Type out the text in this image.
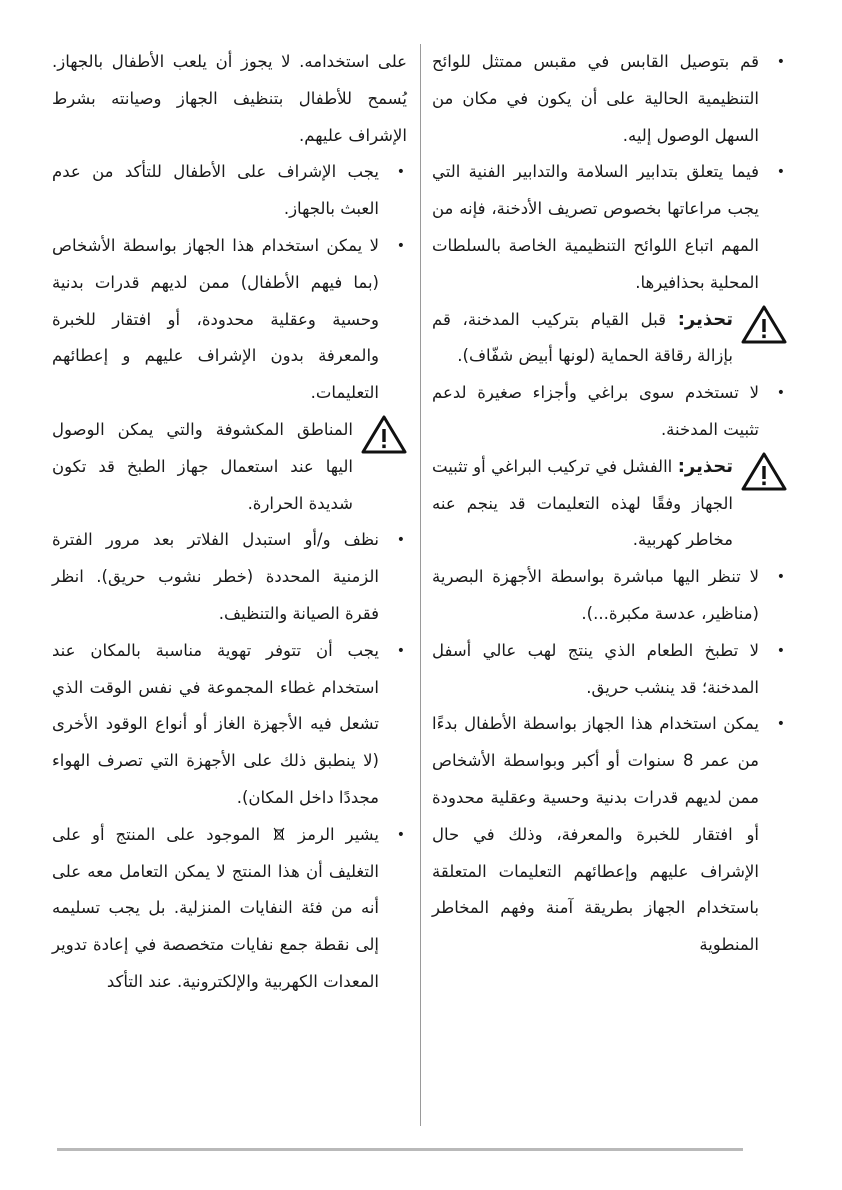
•
قم بتوصيل القابس في مقبس ممتثل للوائح التنظيمية الحالية على أن يكون في مكان من السهل الوصول إليه.
•
فيما يتعلق بتدابير السلامة والتدابير الفنية التي يجب مراعاتها بخصوص تصريف الأدخنة، فإنه من المهم اتباع اللوائح التنظيمية الخاصة بالسلطات المحلية بحذافيرها.
تحذير: قبل القيام بتركيب المدخنة، قم بإزالة رقاقة الحماية (لونها أبيض شفّاف).
•
لا تستخدم سوى براغي وأجزاء صغيرة لدعم تثبيت المدخنة.
تحذير: االفشل في تركيب البراغي أو تثبيت الجهاز وفقًا لهذه التعليمات قد ينجم عنه مخاطر كهربية.
•
لا تنظر اليها مباشرة بواسطة الأجهزة البصرية (مناظير، عدسة مكبرة...).
•
لا تطبخ الطعام الذي ينتج لهب عالي أسفل المدخنة؛ قد ينشب حريق.
•
يمكن استخدام هذا الجهاز بواسطة الأطفال بدءًا من عمر 8 سنوات أو أكبر وبواسطة الأشخاص ممن لديهم قدرات بدنية وحسية وعقلية محدودة أو افتقار للخبرة والمعرفة، وذلك في حال الإشراف عليهم وإعطائهم التعليمات المتعلقة باستخدام الجهاز بطريقة آمنة وفهم المخاطر المنطوية
على استخدامه. لا يجوز أن يلعب الأطفال بالجهاز. يُسمح للأطفال بتنظيف الجهاز وصيانته بشرط الإشراف عليهم.
•
يجب الإشراف على الأطفال للتأكد من عدم العبث بالجهاز.
•
لا يمكن استخدام هذا الجهاز بواسطة الأشخاص (بما فيهم الأطفال) ممن لديهم قدرات بدنية وحسية وعقلية محدودة، أو افتقار للخبرة والمعرفة بدون الإشراف عليهم و إعطائهم التعليمات.
المناطق المكشوفة والتي يمكن الوصول اليها عند استعمال جهاز الطبخ قد تكون شديدة الحرارة.
•
نظف و/أو استبدل الفلاتر بعد مرور الفترة الزمنية المحددة (خطر نشوب حريق). انظر فقرة الصيانة والتنظيف.
•
يجب أن تتوفر تهوية مناسبة بالمكان عند استخدام غطاء المجموعة في نفس الوقت الذي تشعل فيه الأجهزة الغاز أو أنواع الوقود الأخرى (لا ينطبق ذلك على الأجهزة التي تصرف الهواء مجددًا داخل المكان).
•
يشير الرمز  الموجود على المنتج أو على التغليف أن هذا المنتج لا يمكن التعامل معه على أنه من فئة النفايات المنزلية. بل يجب تسليمه إلى نقطة جمع نفايات متخصصة في إعادة تدوير المعدات الكهربية والإلكترونية. عند التأكد
